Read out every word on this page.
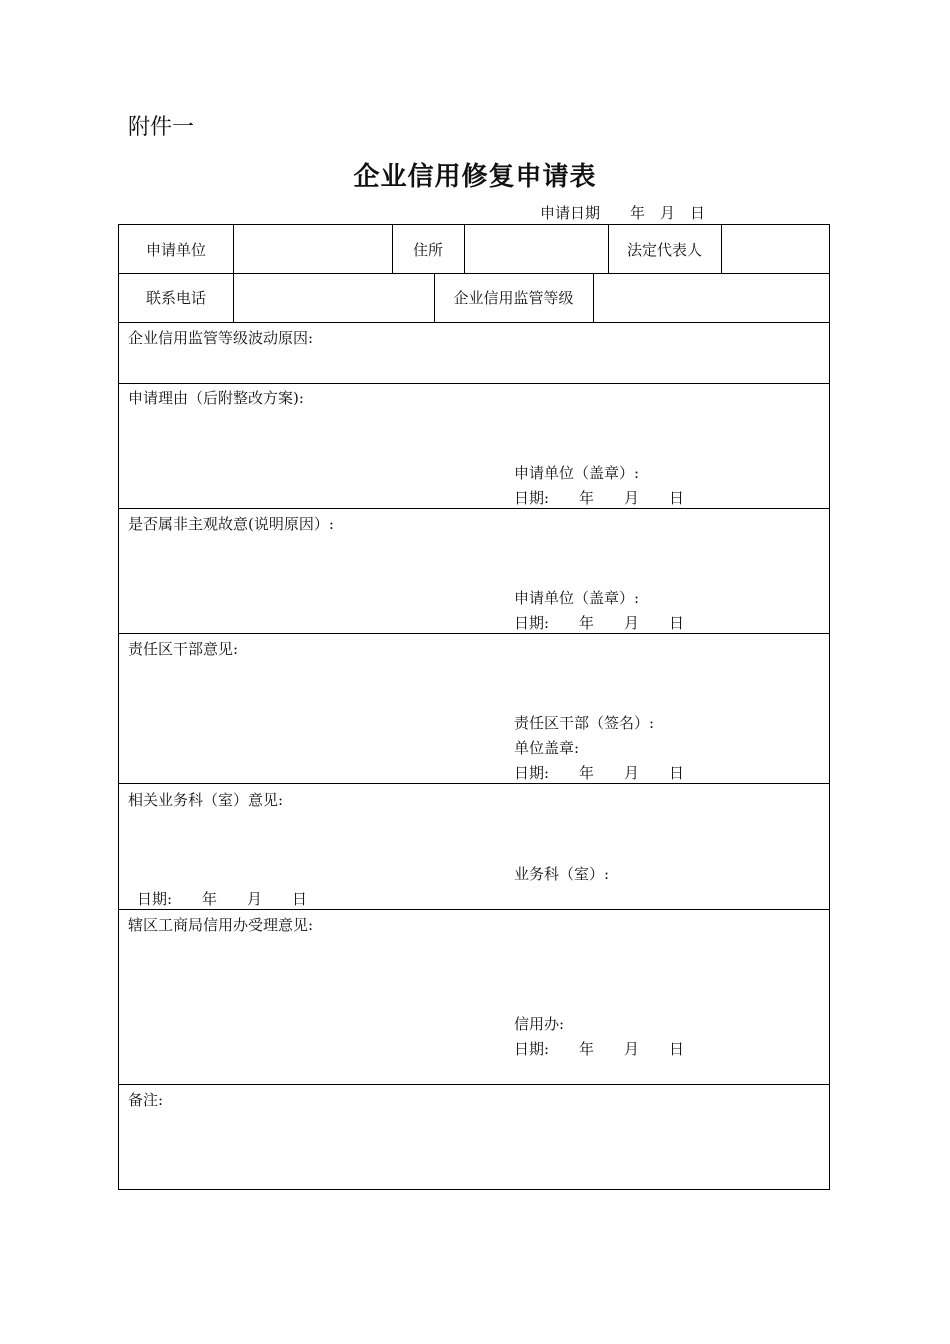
附件一
企业信用修复申请表
申请日期　　年　月　日
申请单位	住所	法定代表人
联系电话	企业信用监管等级
企业信用监管等级波动原因:
申请理由（后附整改方案):
申请单位（盖章）:
日期:　　年　　月　　日
是否属非主观故意(说明原因）:
申请单位（盖章）:
日期:　　年　　月　　日
责任区干部意见:
责任区干部（签名）:
单位盖章:
日期:　　年　　月　　日
相关业务科（室）意见:
业务科（室）:
日期:　　年　　月　　日
辖区工商局信用办受理意见:
信用办:
日期:　　年　　月　　日
备注:
